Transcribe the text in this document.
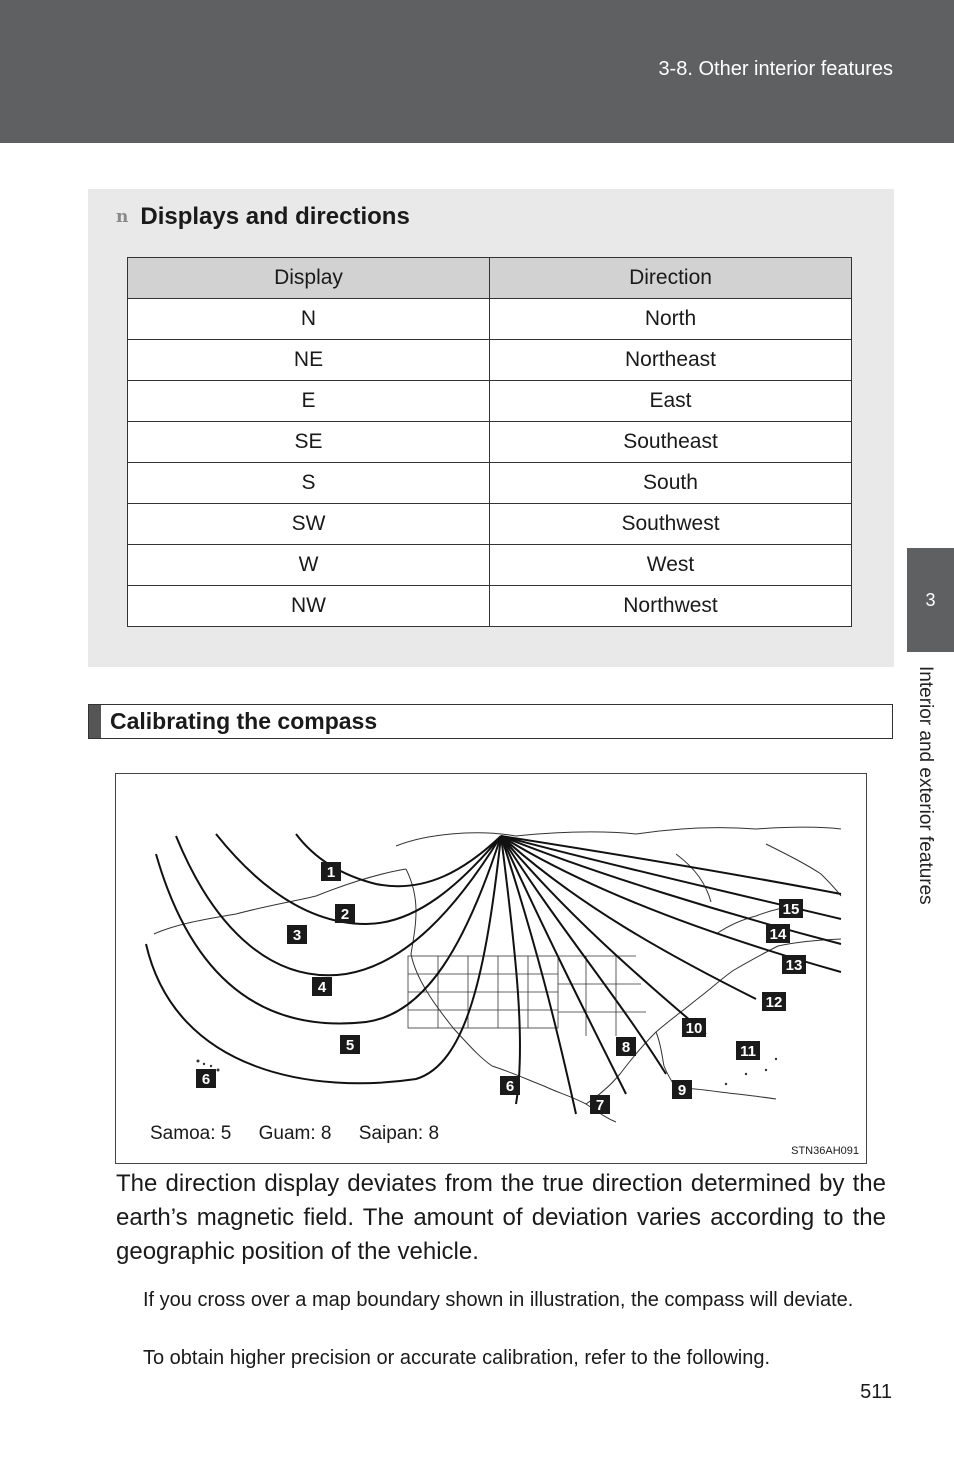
3-8. Other interior features
3
Interior and exterior features
n Displays and directions
Display	Direction
N	North
NE	Northeast
E	East
SE	Southeast
S	South
SW	Southwest
W	West
NW	Northwest
Calibrating the compass
1
2
3
4
5
6	6
7
8
9
10
11
12
13
14
15
Samoa: 5 Guam: 8 Saipan: 8
STN36AH091

The direction display deviates from the true direction determined by the earth’s magnetic field. The amount of deviation varies according to the geographic position of the vehicle.

If you cross over a map boundary shown in illustration, the compass will deviate.

To obtain higher precision or accurate calibration, refer to the following.

511
